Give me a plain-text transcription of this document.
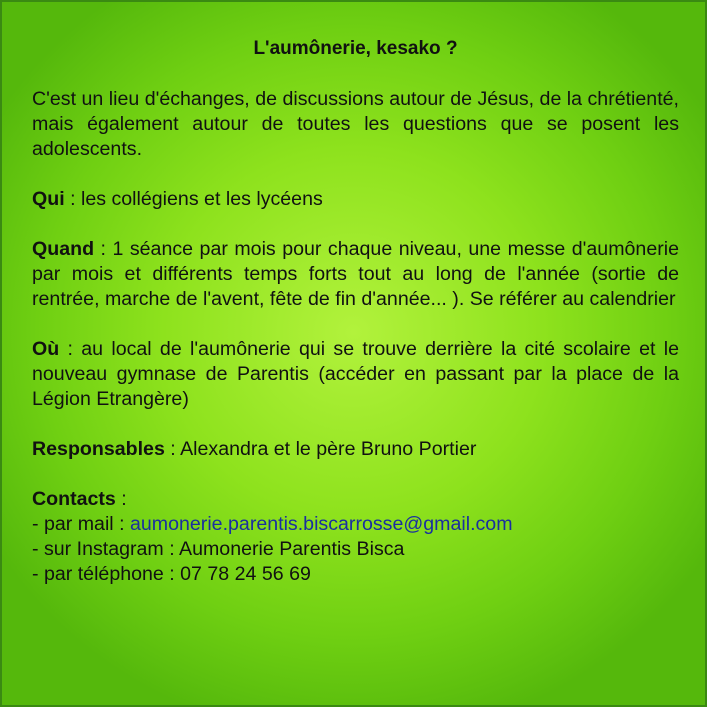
L'aumônerie, kesako ?

C'est un lieu d'échanges, de discussions autour de Jésus, de la chrétienté, mais également autour de toutes les questions que se posent les adolescents.

Qui : les collégiens et les lycéens

Quand : 1 séance par mois pour chaque niveau, une messe d'aumônerie par mois et différents temps forts tout au long de l'année (sortie de rentrée, marche de l'avent, fête de fin d'année... ). Se référer au calendrier

Où : au local de l'aumônerie qui se trouve derrière la cité scolaire et le nouveau gymnase de Parentis (accéder en passant par la place de la Légion Etrangère)

Responsables : Alexandra et le père Bruno Portier

Contacts :
- par mail : aumonerie.parentis.biscarrosse@gmail.com
- sur Instagram : Aumonerie Parentis Bisca
- par téléphone : 07 78 24 56 69
